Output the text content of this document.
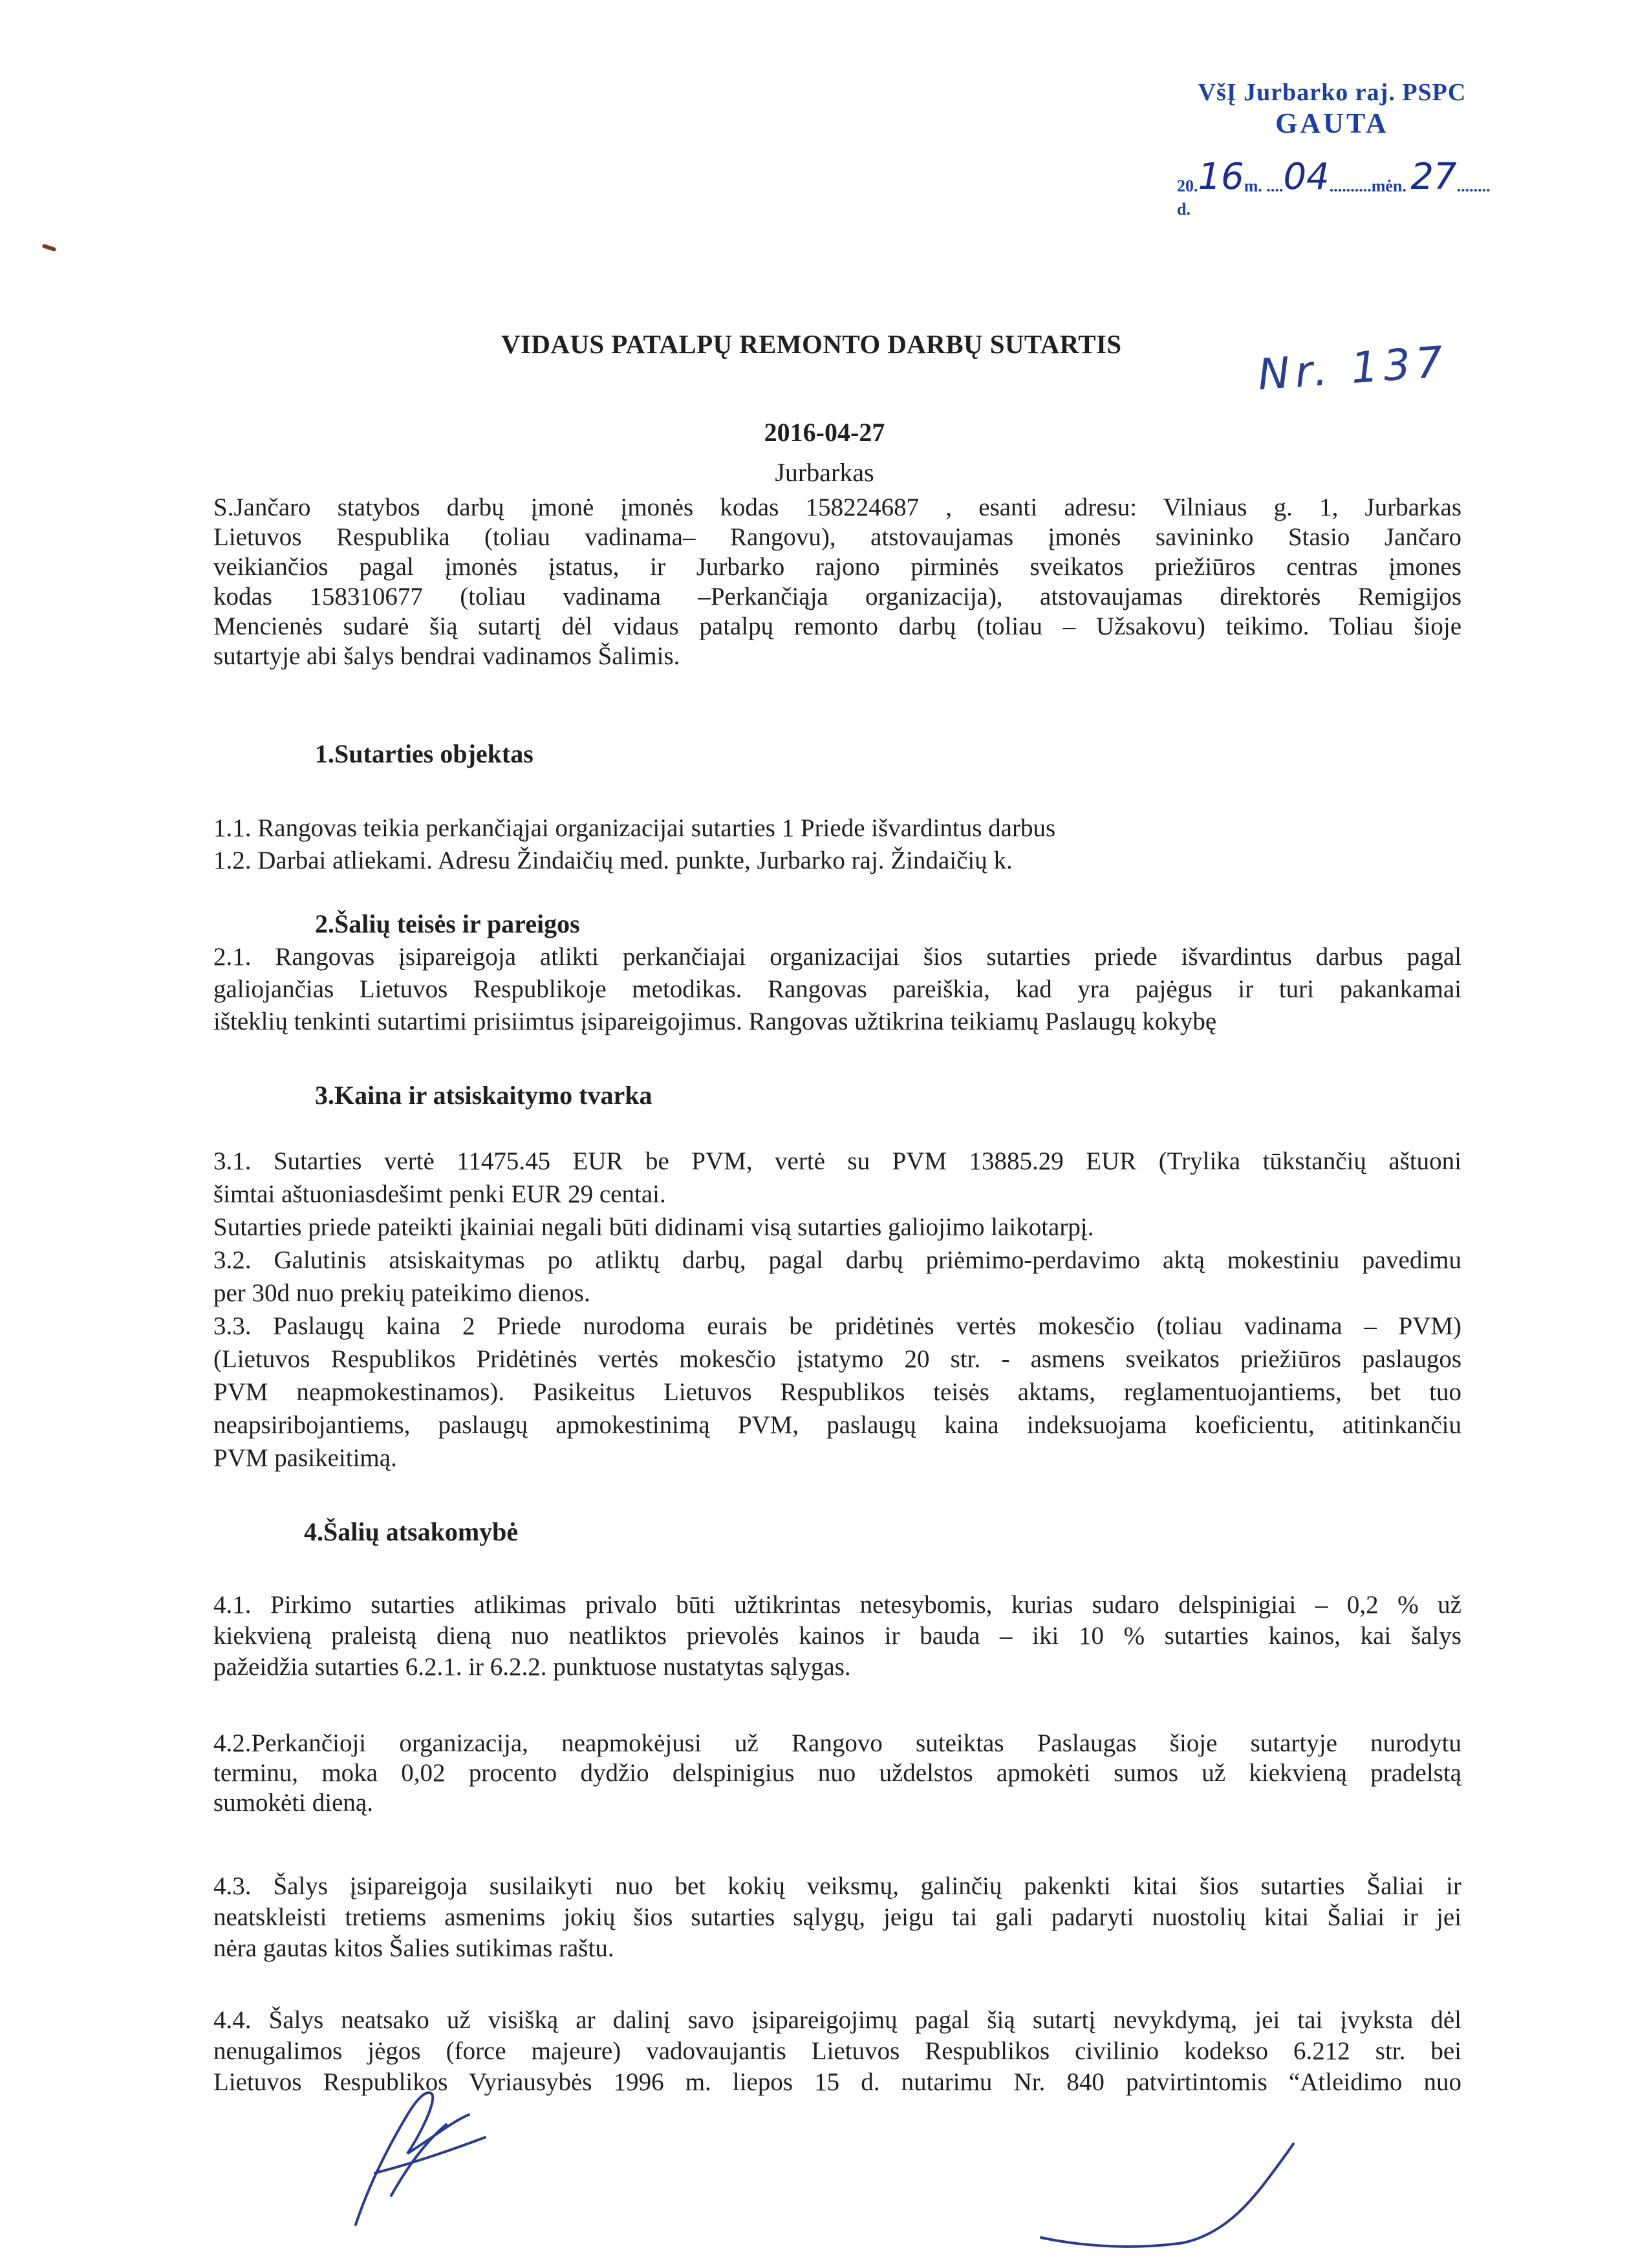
VšĮ Jurbarko raj. PSPC
GAUTA
20.16m. ....04..........mėn. 27........ d.
Nr. 137
VIDAUS PATALPŲ REMONTO DARBŲ SUTARTIS
2016-04-27
Jurbarkas
S.Jančaro statybos darbų įmonė įmonės kodas 158224687 , esanti adresu: Vilniaus g. 1, Jurbarkas
Lietuvos Respublika (toliau vadinama– Rangovu), atstovaujamas įmonės savininko Stasio Jančaro
veikiančios pagal įmonės įstatus, ir Jurbarko rajono pirminės sveikatos priežiūros centras įmones
kodas 158310677 (toliau vadinama –Perkančiąja organizacija), atstovaujamas direktorės Remigijos
Mencienės sudarė šią sutartį dėl vidaus patalpų remonto darbų (toliau – Užsakovu) teikimo. Toliau šioje
sutartyje abi šalys bendrai vadinamos Šalimis.
1.Sutarties objektas
1.1. Rangovas teikia perkančiąjai organizacijai sutarties 1 Priede išvardintus darbus
1.2. Darbai atliekami. Adresu Žindaičių med. punkte, Jurbarko raj. Žindaičių k.
2.Šalių teisės ir pareigos
2.1. Rangovas įsipareigoja atlikti perkančiajai organizacijai šios sutarties priede išvardintus darbus pagal
galiojančias Lietuvos Respublikoje metodikas. Rangovas pareiškia, kad yra pajėgus ir turi pakankamai
išteklių tenkinti sutartimi prisiimtus įsipareigojimus. Rangovas užtikrina teikiamų Paslaugų kokybę
3.Kaina ir atsiskaitymo tvarka
3.1. Sutarties vertė 11475.45 EUR be PVM, vertė su PVM 13885.29 EUR (Trylika tūkstančių aštuoni
šimtai aštuoniasdešimt penki EUR 29 centai.
Sutarties priede pateikti įkainiai negali būti didinami visą sutarties galiojimo laikotarpį.
3.2. Galutinis atsiskaitymas po atliktų darbų, pagal darbų priėmimo-perdavimo aktą mokestiniu pavedimu
per 30d nuo prekių pateikimo dienos.
3.3. Paslaugų kaina 2 Priede nurodoma eurais be pridėtinės vertės mokesčio (toliau vadinama – PVM)
(Lietuvos Respublikos Pridėtinės vertės mokesčio įstatymo 20 str. - asmens sveikatos priežiūros paslaugos
PVM neapmokestinamos). Pasikeitus Lietuvos Respublikos teisės aktams, reglamentuojantiems, bet tuo
neapsiribojantiems, paslaugų apmokestinimą PVM, paslaugų kaina indeksuojama koeficientu, atitinkančiu
PVM pasikeitimą.
4.Šalių atsakomybė
4.1. Pirkimo sutarties atlikimas privalo būti užtikrintas netesybomis, kurias sudaro delspinigiai – 0,2 % už
kiekvieną praleistą dieną nuo neatliktos prievolės kainos ir bauda – iki 10 % sutarties kainos, kai šalys
pažeidžia sutarties 6.2.1. ir 6.2.2. punktuose nustatytas sąlygas.
4.2.Perkančioji organizacija, neapmokėjusi už Rangovo suteiktas Paslaugas šioje sutartyje nurodytu
terminu, moka 0,02 procento dydžio delspinigius nuo uždelstos apmokėti sumos už kiekvieną pradelstą
sumokėti dieną.
4.3. Šalys įsipareigoja susilaikyti nuo bet kokių veiksmų, galinčių pakenkti kitai šios sutarties Šaliai ir
neatskleisti tretiems asmenims jokių šios sutarties sąlygų, jeigu tai gali padaryti nuostolių kitai Šaliai ir jei
nėra gautas kitos Šalies sutikimas raštu.
4.4. Šalys neatsako už visišką ar dalinį savo įsipareigojimų pagal šią sutartį nevykdymą, jei tai įvyksta dėl
nenugalimos jėgos (force majeure) vadovaujantis Lietuvos Respublikos civilinio kodekso 6.212 str. bei
Lietuvos Respublikos Vyriausybės 1996 m. liepos 15 d. nutarimu Nr. 840 patvirtintomis “Atleidimo nuo
